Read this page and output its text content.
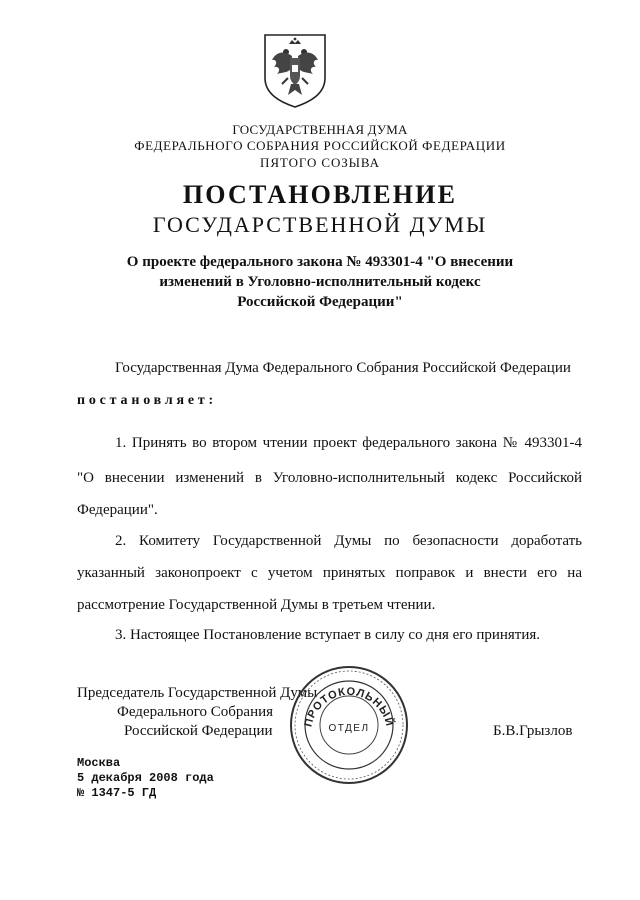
ГОСУДАРСТВЕННАЯ ДУМА
ФЕДЕРАЛЬНОГО СОБРАНИЯ РОССИЙСКОЙ ФЕДЕРАЦИИ
ПЯТОГО СОЗЫВА
ПОСТАНОВЛЕНИЕ
ГОСУДАРСТВЕННОЙ ДУМЫ
О проекте федерального закона № 493301-4 "О внесении
изменений в Уголовно-исполнительный кодекс
Российской Федерации"
Государственная Дума Федерального Собрания Российской Федерации
постановляет:
1. Принять во втором чтении проект федерального закона № 493301-4
"О внесении изменений в Уголовно-исполнительный кодекс Российской
Федерации".
2. Комитету Государственной Думы по безопасности доработать
указанный законопроект с учетом принятых поправок и внести его на
рассмотрение Государственной Думы в третьем чтении.
3. Настоящее Постановление вступает в силу со дня его принятия.
Председатель Государственной Думы
Федерального Собрания
Российской Федерации	Б.В.Грызлов
ПРОТОКОЛЬНЫЙ
ОТДЕЛ
Москва
5 декабря 2008 года
№ 1347-5 ГД
